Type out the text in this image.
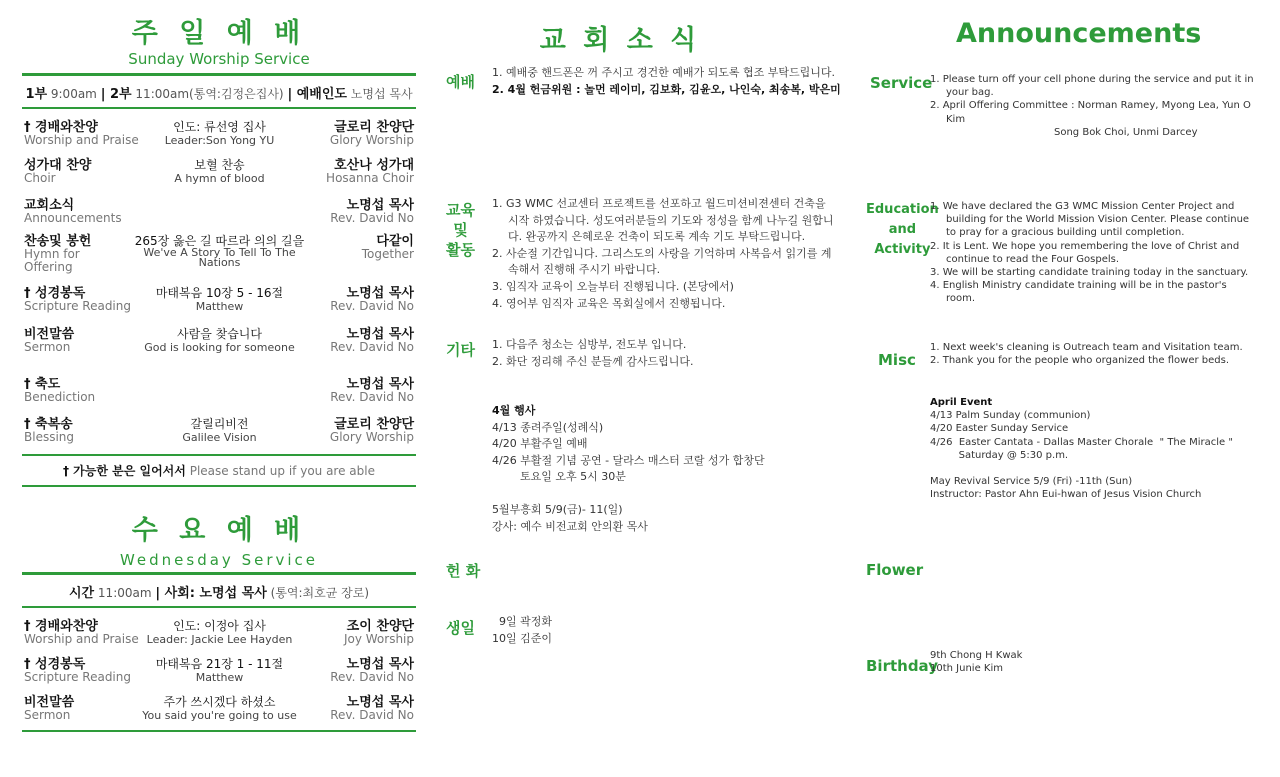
주 일 예 배
Sunday Worship Service
1부 9:00am | 2부 11:00am(통역:김정은집사) | 예배인도 노명섭 목사
† 경배와찬양
Worship and Praise
인도: 류선영 집사
Leader:Son Yong YU
글로리 찬양단
Glory Worship
성가대 찬양
Choir
보혈 찬송
A hymn of blood
호산나 성가대
Hosanna Choir
교회소식
Announcements
노명섭 목사
Rev. David No
찬송및 봉헌
Hymn for
Offering
265장 옳은 길 따르라 의의 길을
We've A Story To Tell To The
Nations
다같이
Together
† 성경봉독
Scripture Reading
마태복음 10장 5 - 16절
Matthew
노명섭 목사
Rev. David No
비전말씀
Sermon
사람을 찾습니다
God is looking for someone
노명섭 목사
Rev. David No
† 축도
Benediction
노명섭 목사
Rev. David No
† 축복송
Blessing
갈릴리비전
Galilee Vision
글로리 찬양단
Glory Worship
† 가능한 분은 일어서서 Please stand up if you are able
수 요 예 배
Wednesday Service
시간 11:00am | 사회: 노명섭 목사 (통역:최호균 장로)
† 경배와찬양
Worship and Praise
인도: 이정아 집사
Leader: Jackie Lee Hayden
조이 찬양단
Joy Worship
† 성경봉독
Scripture Reading
마태복음 21장 1 - 11절
Matthew
노명섭 목사
Rev. David No
비전말씀
Sermon
주가 쓰시겠다 하셨소
You said you're going to use
노명섭 목사
Rev. David No
교 회 소 식
예배
1. 예배중 핸드폰은 꺼 주시고 경건한 예배가 되도록 협조 부탁드립니다.
2. 4월 헌금위원 : 놀먼 레이미, 김보화, 김윤오, 나인숙, 최송복, 박은미
교육
및
활동
1. G3 WMC 선교센터 프로젝트를 선포하고 월드미션비젼센터 건축을 시작 하였습니다. 성도여러분들의 기도와 정성을 함께 나누길 원합니다. 완공까지 은혜로운 건축이 되도록 계속 기도 부탁드립니다.
2. 사순절 기간입니다. 그리스도의 사랑을 기억하며 사복음서 읽기를 계속해서 진행해 주시기 바랍니다.
3. 임직자 교육이 오늘부터 진행됩니다. (본당에서)
4. 영어부 임직자 교육은 목회실에서 진행됩니다.
기타 1. 다음주 청소는 심방부, 전도부 입니다.
2. 화단 정리해 주신 분들께 감사드립니다.
4월 행사
4/13 종려주일(성례식)
4/20 부활주일 예배
4/26 부활절 기념 공연 - 달라스 매스터 코랄 성가 합창단
토요일 오후 5시 30분
5월부흥회 5/9(금)- 11(일)
강사: 예수 비전교회 안의환 목사
헌 화
생일 9일 곽정화
10일 김준이
Announcements
Service
1. Please turn off your cell phone during the service and put it in your bag.
2. April Offering Committee : Norman Ramey, Myong Lea, Yun O Kim
Song Bok Choi, Unmi Darcey
Education
and
Activity
1. We have declared the G3 WMC Mission Center Project and building for the World Mission Vision Center. Please continue to pray for a gracious building until completion.
2. It is Lent. We hope you remembering the love of Christ and continue to read the Four Gospels.
3. We will be starting candidate training today in the sanctuary.
4. English Ministry candidate training will be in the pastor's room.
Misc
1. Next week's cleaning is Outreach team and Visitation team.
2. Thank you for the people who organized the flower beds.
April Event
4/13 Palm Sunday (communion)
4/20 Easter Sunday Service
4/26  Easter Cantata - Dallas Master Chorale  " The Miracle "
Saturday @ 5:30 p.m.
May Revival Service 5/9 (Fri) -11th (Sun)
Instructor: Pastor Ahn Eui-hwan of Jesus Vision Church
Flower
Birthday
9th Chong H Kwak
10th Junie Kim
